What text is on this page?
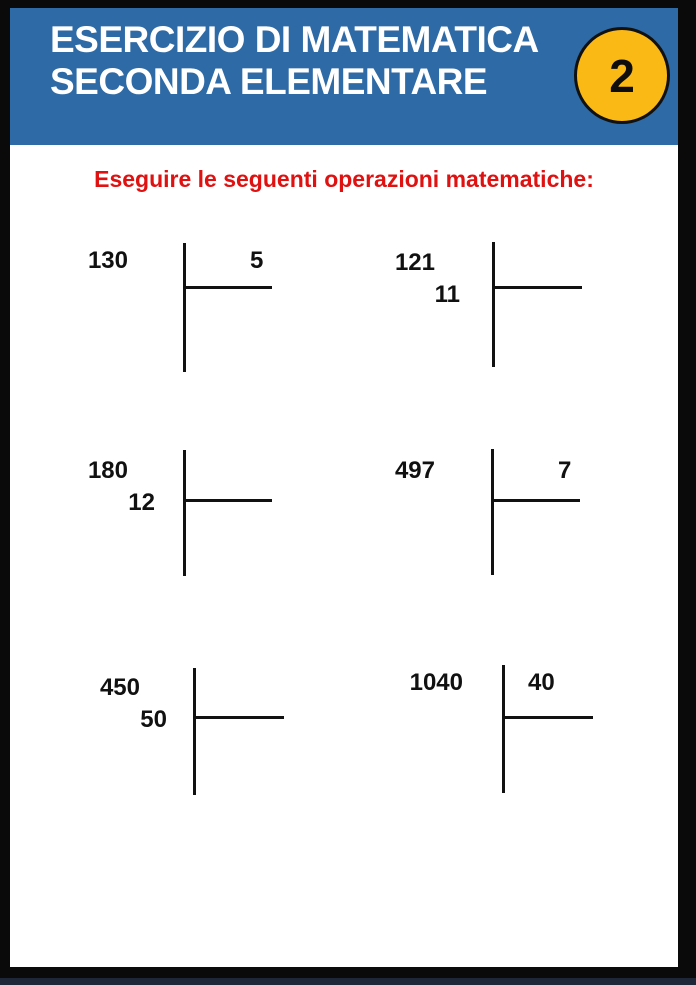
ESERCIZIO DI MATEMATICA
SECONDA ELEMENTARE	2
Eseguire le seguenti operazioni matematiche:
130	5	121
11
180
12
497	7
450
50
1040	40
